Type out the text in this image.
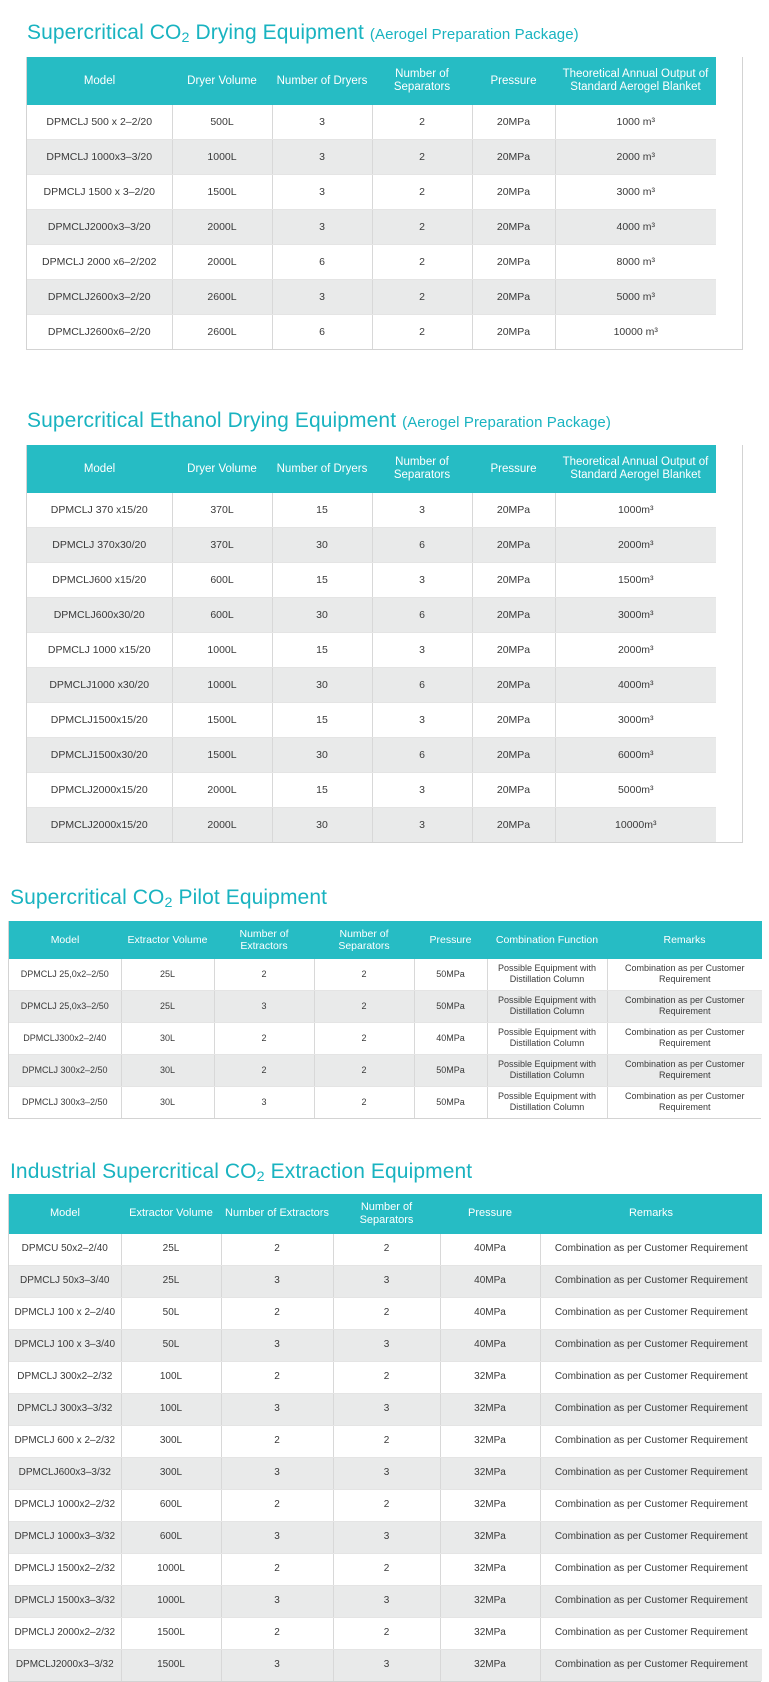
Supercritical $CO_2$ Drying Equipment (Aerogel Preparation Package)
Model	Dryer Volume	Number of Dryers	Number of Separators	Pressure	Theoretical Annual Output of Standard Aerogel Blanket
DPMCLJ 500 x 2–2/20	500L	3	2	20MPa	1000 m³
DPMCLJ 1000x3–3/20	1000L	3	2	20MPa	2000 m³
DPMCLJ 1500 x 3–2/20	1500L	3	2	20MPa	3000 m³
DPMCLJ2000x3–3/20	2000L	3	2	20MPa	4000 m³
DPMCLJ 2000 x6–2/202	2000L	6	2	20MPa	8000 m³
DPMCLJ2600x3–2/20	2600L	3	2	20MPa	5000 m³
DPMCLJ2600x6–2/20	2600L	6	2	20MPa	10000 m³
Supercritical Ethanol Drying Equipment (Aerogel Preparation Package)
Model	Dryer Volume	Number of Dryers	Number of Separators	Pressure	Theoretical Annual Output of Standard Aerogel Blanket
DPMCLJ 370 x15/20	370L	15	3	20MPa	1000m³
DPMCLJ 370x30/20	370L	30	6	20MPa	2000m³
DPMCLJ600 x15/20	600L	15	3	20MPa	1500m³
DPMCLJ600x30/20	600L	30	6	20MPa	3000m³
DPMCLJ 1000 x15/20	1000L	15	3	20MPa	2000m³
DPMCLJ1000 x30/20	1000L	30	6	20MPa	4000m³
DPMCLJ1500x15/20	1500L	15	3	20MPa	3000m³
DPMCLJ1500x30/20	1500L	30	6	20MPa	6000m³
DPMCLJ2000x15/20	2000L	15	3	20MPa	5000m³
DPMCLJ2000x15/20	2000L	30	3	20MPa	10000m³
Supercritical $CO_2$ Pilot Equipment
Model	Extractor Volume	Number of Extractors	Number of Separators	Pressure	Combination Function	Remarks
DPMCLJ 25,0x2–2/50	25L	2	2	50MPa	Possible Equipment with Distillation Column	Combination as per Customer Requirement
DPMCLJ 25,0x3–2/50	25L	3	2	50MPa	Possible Equipment with Distillation Column	Combination as per Customer Requirement
DPMCLJ300x2–2/40	30L	2	2	40MPa	Possible Equipment with Distillation Column	Combination as per Customer Requirement
DPMCLJ 300x2–2/50	30L	2	2	50MPa	Possible Equipment with Distillation Column	Combination as per Customer Requirement
DPMCLJ 300x3–2/50	30L	3	2	50MPa	Possible Equipment with Distillation Column	Combination as per Customer Requirement
Industrial Supercritical $CO_2$ Extraction Equipment
Model	Extractor Volume	Number of Extractors	Number of Separators	Pressure	Remarks
DPMCU 50x2–2/40	25L	2	2	40MPa	Combination as per Customer Requirement
DPMCLJ 50x3–3/40	25L	3	3	40MPa	Combination as per Customer Requirement
DPMCLJ 100 x 2–2/40	50L	2	2	40MPa	Combination as per Customer Requirement
DPMCLJ 100 x 3–3/40	50L	3	3	40MPa	Combination as per Customer Requirement
DPMCLJ 300x2–2/32	100L	2	2	32MPa	Combination as per Customer Requirement
DPMCLJ 300x3–3/32	100L	3	3	32MPa	Combination as per Customer Requirement
DPMCLJ 600 x 2–2/32	300L	2	2	32MPa	Combination as per Customer Requirement
DPMCLJ600x3–3/32	300L	3	3	32MPa	Combination as per Customer Requirement
DPMCLJ 1000x2–2/32	600L	2	2	32MPa	Combination as per Customer Requirement
DPMCLJ 1000x3–3/32	600L	3	3	32MPa	Combination as per Customer Requirement
DPMCLJ 1500x2–2/32	1000L	2	2	32MPa	Combination as per Customer Requirement
DPMCLJ 1500x3–3/32	1000L	3	3	32MPa	Combination as per Customer Requirement
DPMCLJ 2000x2–2/32	1500L	2	2	32MPa	Combination as per Customer Requirement
DPMCLJ2000x3–3/32	1500L	3	3	32MPa	Combination as per Customer Requirement
